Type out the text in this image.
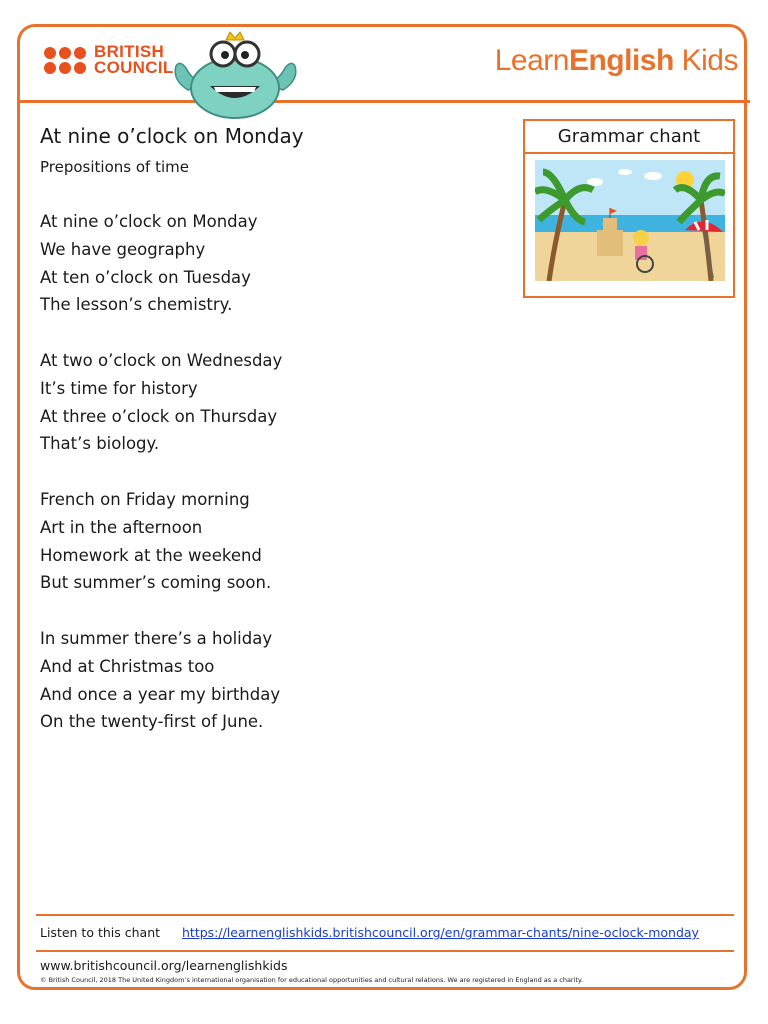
BRITISH
COUNCIL	LearnEnglish Kids
At nine o’clock on Monday
Prepositions of time
Grammar chant
At nine o’clock on Monday
We have geography
At ten o’clock on Tuesday
The lesson’s chemistry.
At two o’clock on Wednesday
It’s time for history
At three o’clock on Thursday
That’s biology.
French on Friday morning
Art in the afternoon
Homework at the weekend
But summer’s coming soon.
In summer there’s a holiday
And at Christmas too
And once a year my birthday
On the twenty-first of June.
Listen to this chant https://learnenglishkids.britishcouncil.org/en/grammar-chants/nine-oclock-monday
www.britishcouncil.org/learnenglishkids
© British Council, 2018 The United Kingdom’s international organisation for educational opportunities and cultural relations. We are registered in England as a charity.
